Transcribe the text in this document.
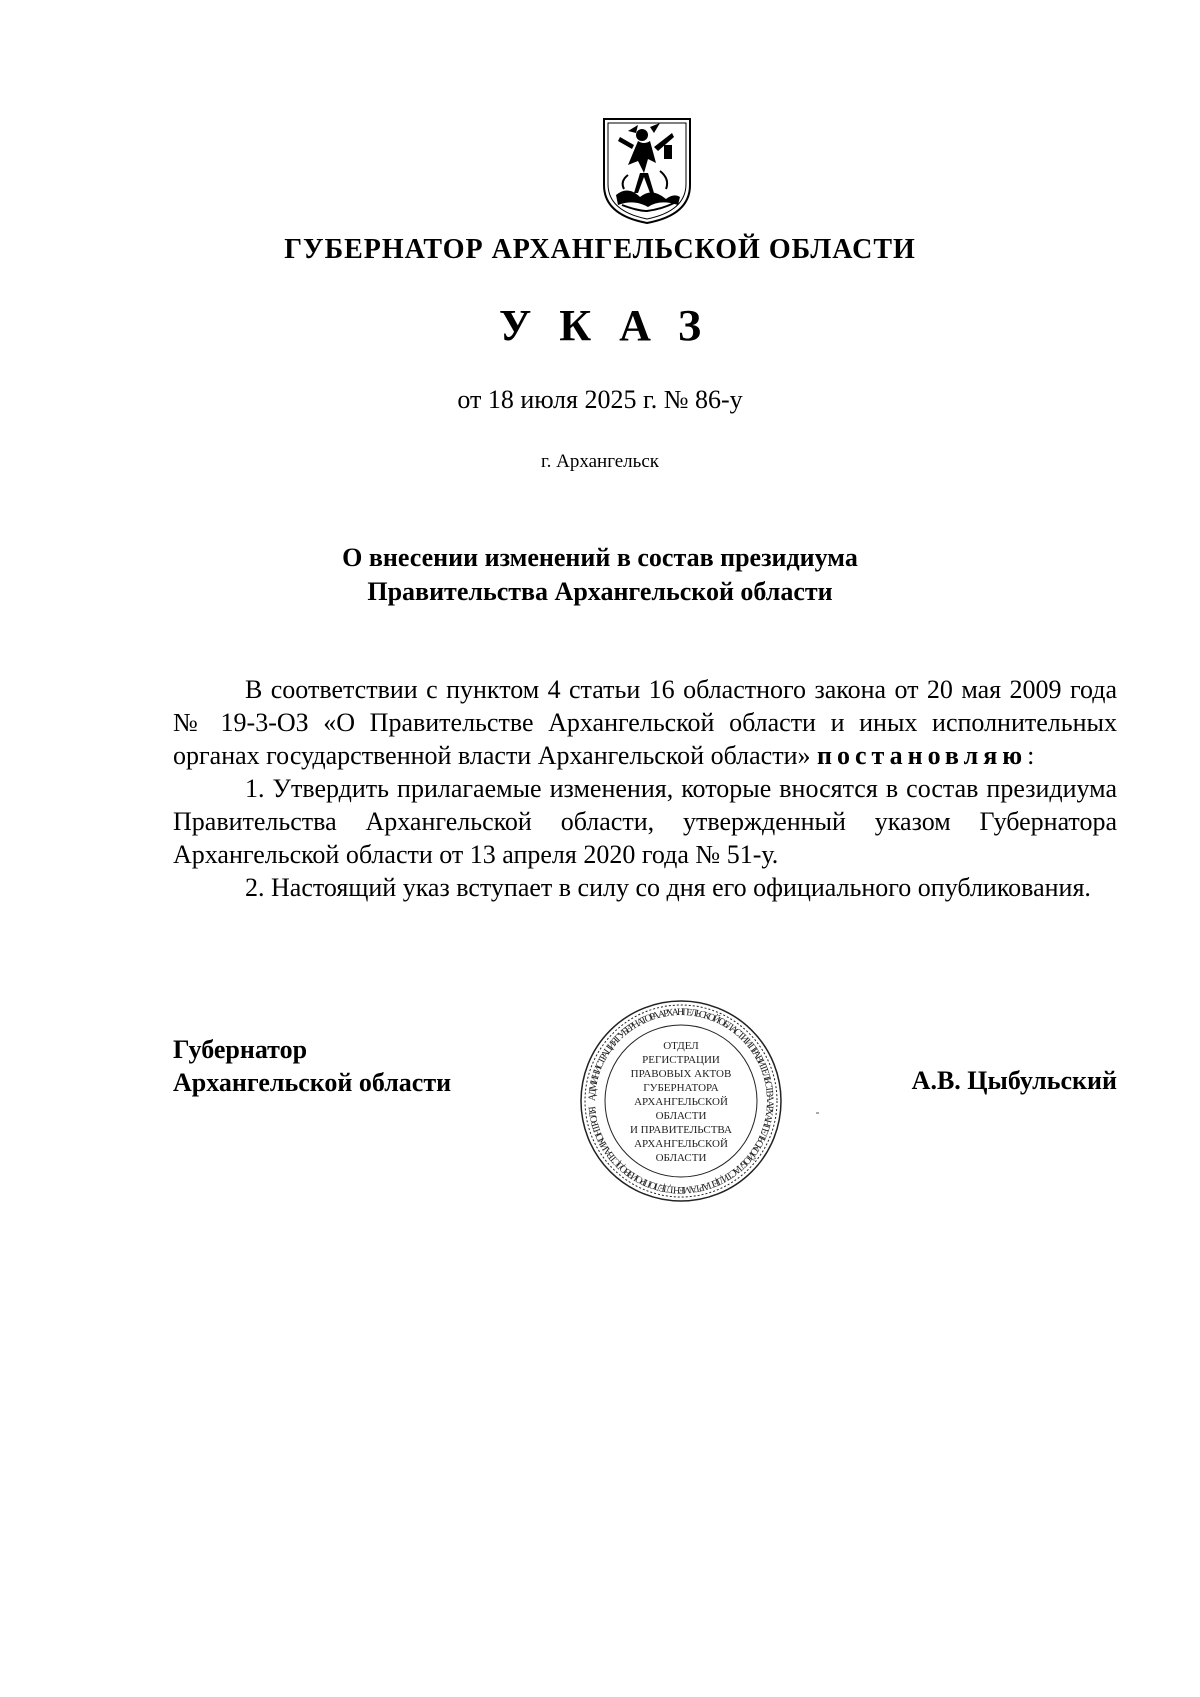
ГУБЕРНАТОР АРХАНГЕЛЬСКОЙ ОБЛАСТИ
УКАЗ
от 18 июля 2025 г. № 86-у
г. Архангельск
О внесении изменений в состав президиума
Правительства Архангельской области

В соответствии с пунктом 4 статьи 16 областного закона от 20 мая 2009 года № 19-3-ОЗ «О Правительстве Архангельской области и иных исполнительных органах государственной власти Архангельской области» постановляю:

1. Утвердить прилагаемые изменения, которые вносятся в состав президиума Правительства Архангельской области, утвержденный указом Губернатора Архангельской области от 13 апреля 2020 года № 51-у.

2. Настоящий указ вступает в силу со дня его официального опубликования.

Губернатор
Архангельской области
АДМИНИСТРАЦИЯ ГУБЕРНАТОРА АРХАНГЕЛЬСКОЙ ОБЛАСТИ И ПРАВИТЕЛЬСТВА АРХАНГЕЛЬСКОЙ ОБЛАСТИ ДЕПАРТАМЕНТ ДЕЛОПРОИЗВОДСТВА И КОНТРОЛЯ
ОТДЕЛ
РЕГИСТРАЦИИ
ПРАВОВЫХ АКТОВ
ГУБЕРНАТОРА
АРХАНГЕЛЬСКОЙ
ОБЛАСТИ
И ПРАВИТЕЛЬСТВА
АРХАНГЕЛЬСКОЙ
ОБЛАСТИ
А.В. Цыбульский
